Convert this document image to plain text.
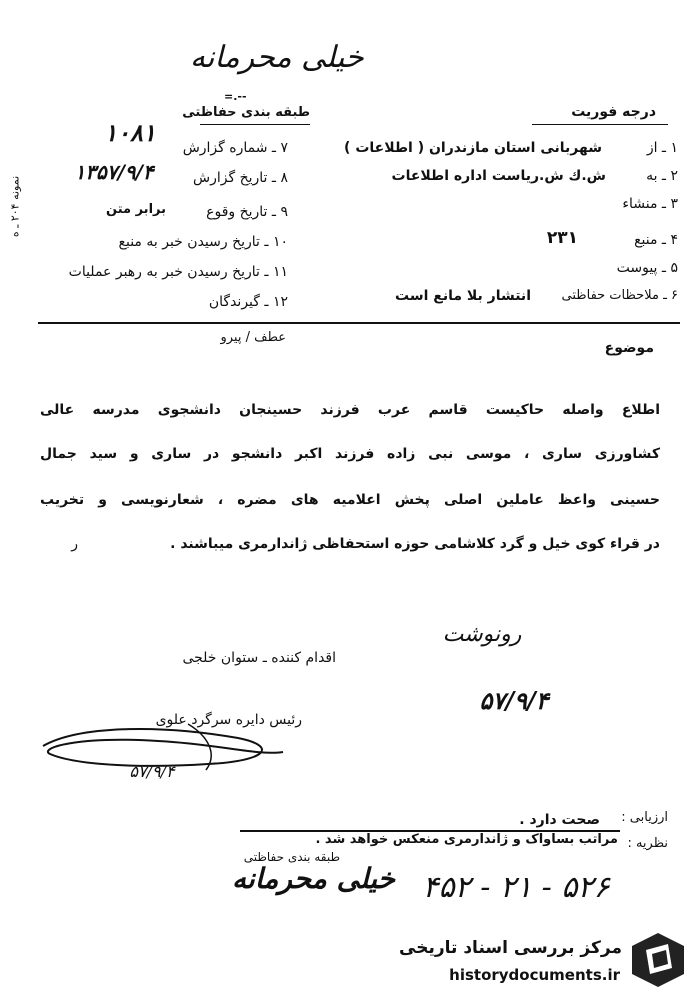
خیلی محرمانه
=.--
طبقه بندی حفاظتی	درجه فوریت
۱ ـ از
شهربانی استان مازندران ( اطلاعات )
۲ ـ به
ش.ك ش.ریاست اداره اطلاعات
۳ ـ منشاء
۴ ـ منبع
۲۳۱
۵ ـ پیوست
۶ ـ ملاحظات حفاظتی
انتشار بلا مانع است
۷ ـ شماره گزارش
۱۰۸۱
۸ ـ تاریخ گزارش
۱۳۵۷/۹/۴
۹ ـ تاریخ وقوع
برابر متن
۱۰ ـ تاریخ رسیدن خبر به منبع
۱۱ ـ تاریخ رسیدن خبر به رهبر عملیات
۱۲ ـ گیرندگان
نمونه ۲۰۴ ـ ه
موضوع
عطف / پیرو
اطلاع واصله حاکیست قاسم عرب فرزند حسینجان دانشجوی مدرسه عالی
کشاورزی ساری ، موسی نبی زاده فرزند اکبر دانشجو در ساری و سید جمال
حسینی واعظ عاملین اصلی پخش اعلامیه های مضره ، شعارنویسی و تخریب
در قراء کوی خیل و گرد کلاشامی حوزه استحفاظی ژاندارمری میباشند .
ر
اقدام کننده ـ ستوان خلجی
رونوشت
۵۷/۹/۴
رئیس دایره سرگرد علوی
۵۷/۹/۴
ارزیابی :
صحت دارد .
نظریه :
مراتب بساواک و ژاندارمری منعکس خواهد شد .
طبقه بندی حفاظتی
خیلی محرمانه ۴۵۲ - ۲۱ - ۵۲۶
مرکز بررسی اسناد تاریخی
historydocuments.ir
